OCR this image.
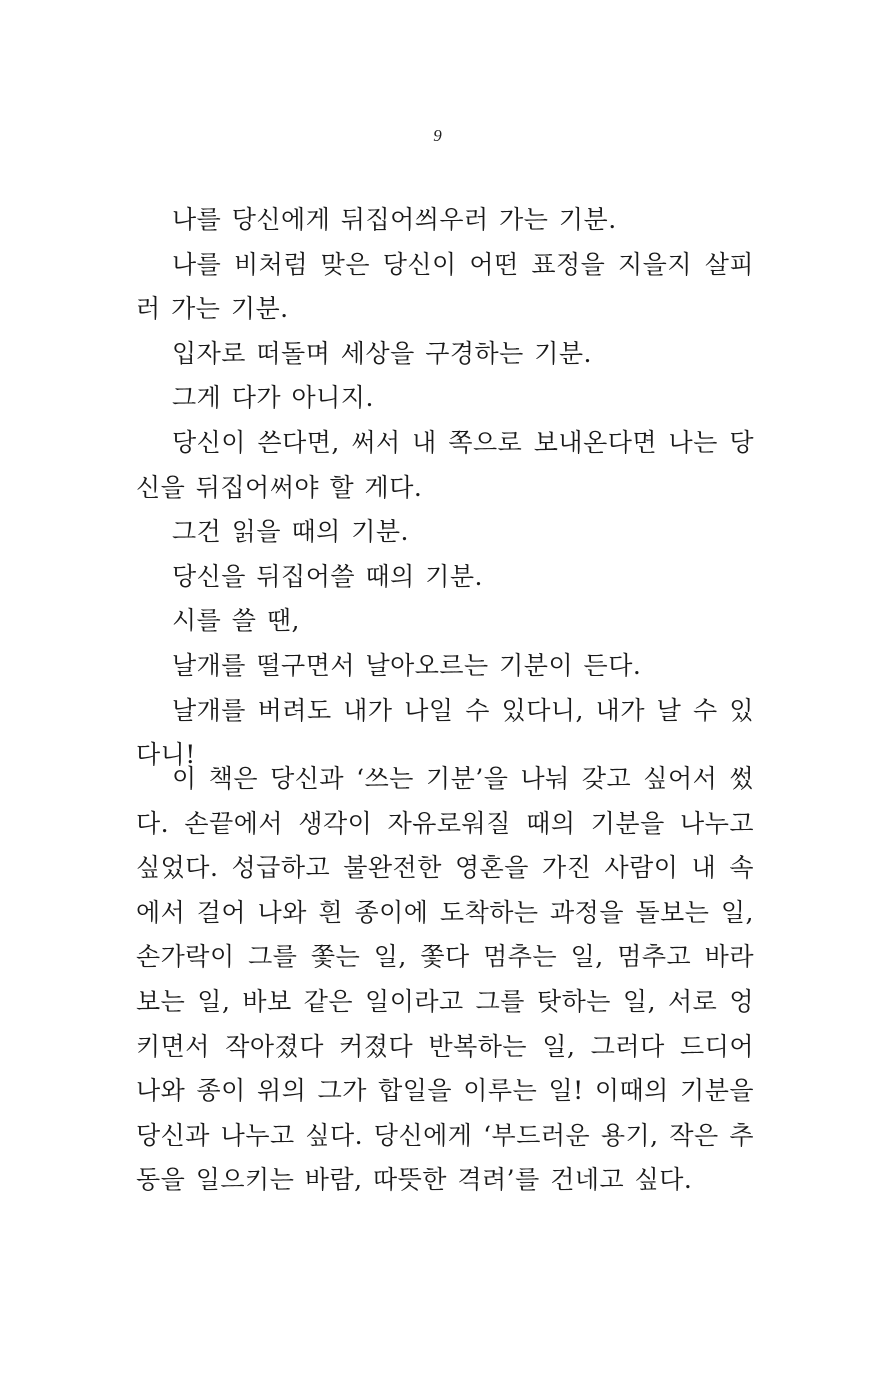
9

나를 당신에게 뒤집어씌우러 가는 기분.

나를 비처럼 맞은 당신이 어떤 표정을 지을지 살피러 가는 기분.

입자로 떠돌며 세상을 구경하는 기분.

그게 다가 아니지.

당신이 쓴다면, 써서 내 쪽으로 보내온다면 나는 당신을 뒤집어써야 할 게다.

그건 읽을 때의 기분.

당신을 뒤집어쓸 때의 기분.

시를 쓸 땐,

날개를 떨구면서 날아오르는 기분이 든다.

날개를 버려도 내가 나일 수 있다니, 내가 날 수 있다니!

이 책은 당신과 ‘쓰는 기분’을 나눠 갖고 싶어서 썼다. 손끝에서 생각이 자유로워질 때의 기분을 나누고 싶었다. 성급하고 불완전한 영혼을 가진 사람이 내 속에서 걸어 나와 흰 종이에 도착하는 과정을 돌보는 일, 손가락이 그를 쫓는 일, 쫓다 멈추는 일, 멈추고 바라보는 일, 바보 같은 일이라고 그를 탓하는 일, 서로 엉키면서 작아졌다 커졌다 반복하는 일, 그러다 드디어 나와 종이 위의 그가 합일을 이루는 일! 이때의 기분을 당신과 나누고 싶다. 당신에게 ‘부드러운 용기, 작은 추동을 일으키는 바람, 따뜻한 격려’를 건네고 싶다.
